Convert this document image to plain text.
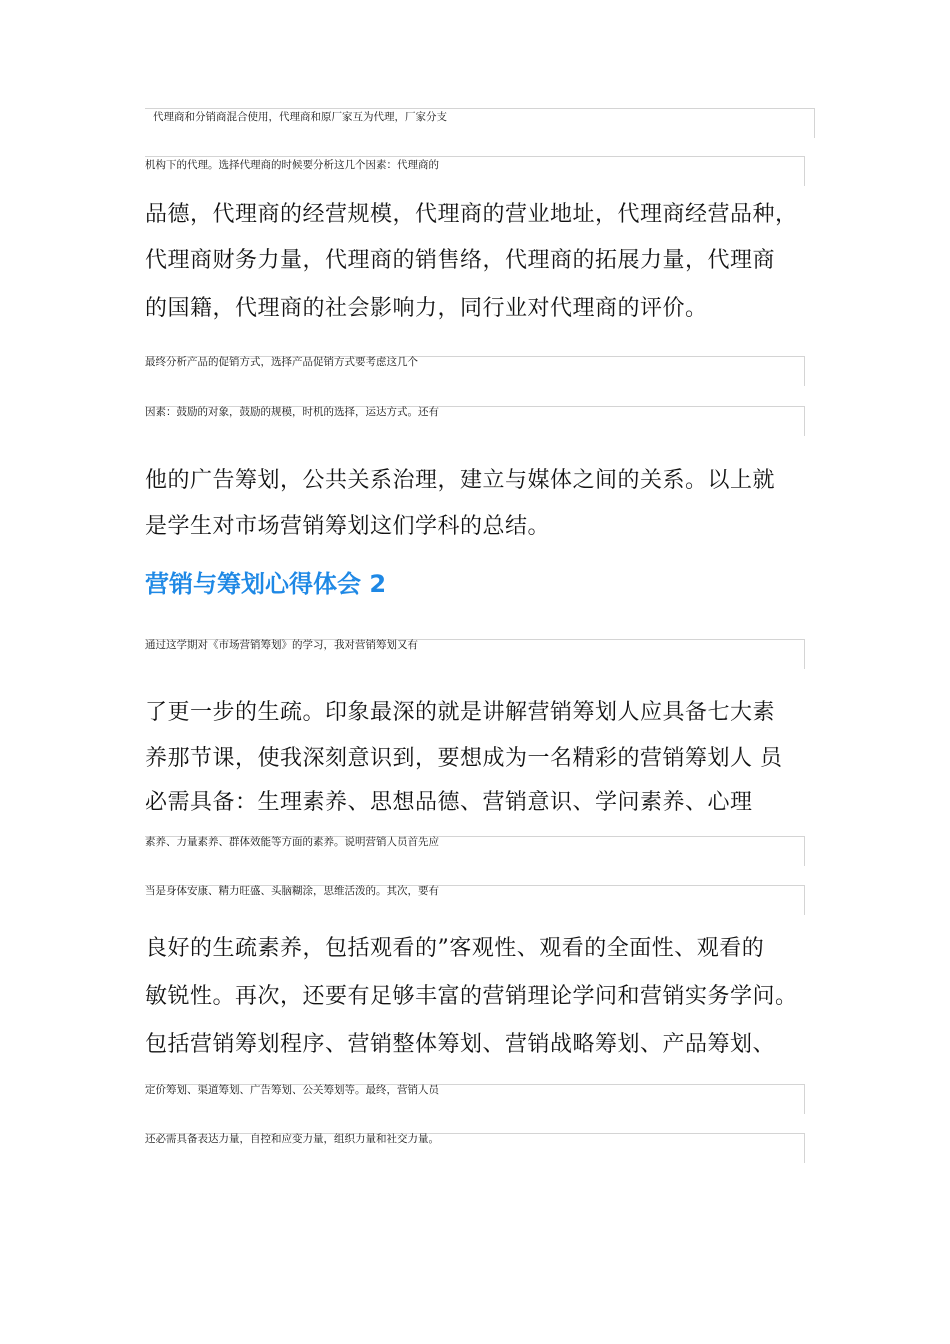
代理商和分销商混合使用，代理商和原厂家互为代理，厂家分支
机构下的代理。选择代理商的时候要分析这几个因素：代理商的
品德，代理商的经营规模，代理商的营业地址，代理商经营品种，
代理商财务力量，代理商的销售络，代理商的拓展力量，代理商
的国籍，代理商的社会影响力，同行业对代理商的评价。
最终分析产品的促销方式，选择产品促销方式要考虑这几个
因素：鼓励的对象，鼓励的规模，时机的选择，运达方式。还有
他的广告筹划，公共关系治理，建立与媒体之间的关系。以上就
是学生对市场营销筹划这们学科的总结。
营销与筹划心得体会 2
通过这学期对《市场营销筹划》的学习，我对营销筹划又有
了更一步的生疏。印象最深的就是讲解营销筹划人应具备七大素
养那节课，使我深刻意识到，要想成为一名精彩的营销筹划人 员
必需具备：生理素养、思想品德、营销意识、学问素养、心理
素养、力量素养、群体效能等方面的素养。说明营销人员首先应
当是身体安康、精力旺盛、头脑糊涂，思维活泼的。其次，要有
良好的生疏素养，包括观看的”客观性、观看的全面性、观看的
敏锐性。再次，还要有足够丰富的营销理论学问和营销实务学问。
包括营销筹划程序、营销整体筹划、营销战略筹划、产品筹划、
定价筹划、渠道筹划、广告筹划、公关筹划等。最终，营销人员
还必需具备表达力量，自控和应变力量，组织力量和社交力量。
